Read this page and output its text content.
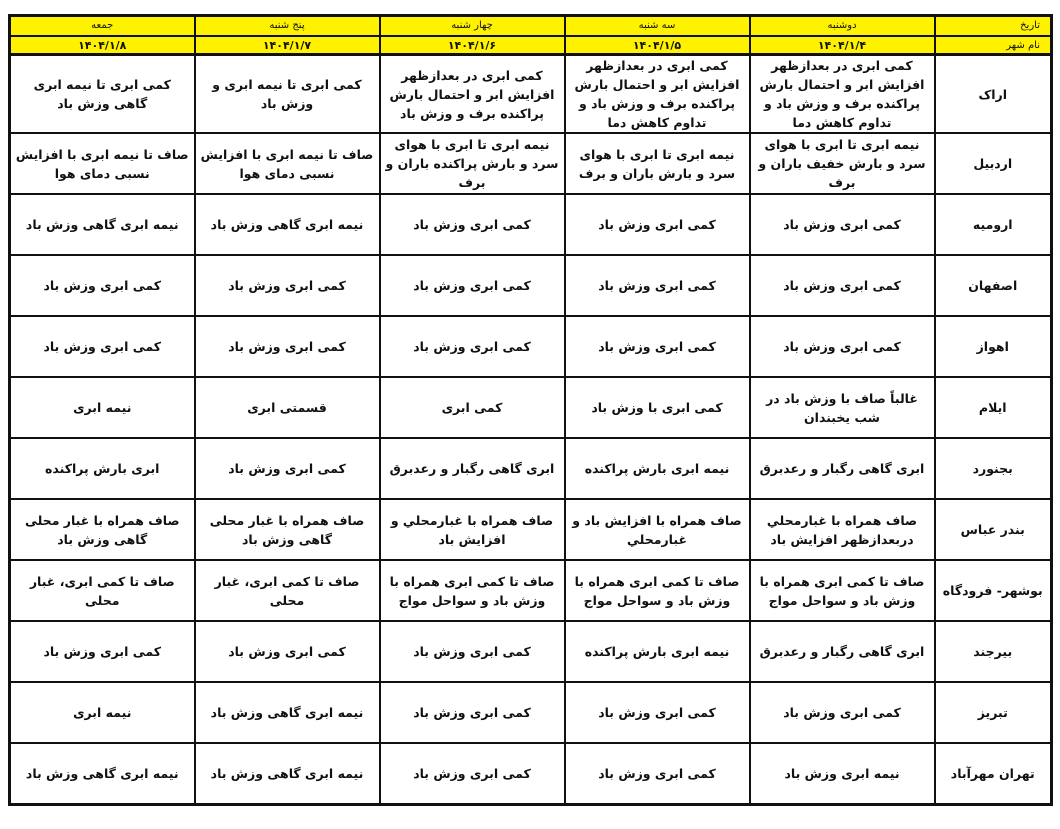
تاریخ	دوشنبه	سه شنبه	چهار شنبه	پنج شنبه	جمعه
نام شهر	۱۴۰۴/۱/۴	۱۴۰۴/۱/۵	۱۴۰۴/۱/۶	۱۴۰۴/۱/۷	۱۴۰۴/۱/۸
اراک	کمی ابری در بعدازظهر افزایش ابر و احتمال بارش پراکنده برف و وزش باد و تداوم کاهش دما	کمی ابری در بعدازظهر افزایش ابر و احتمال بارش پراکنده برف و وزش باد و تداوم کاهش دما	کمی ابری در بعدازظهر افزایش ابر و احتمال بارش پراکنده برف و وزش باد	کمی ابری تا نیمه ابری و وزش باد	کمی ابری تا نیمه ابری گاهی وزش باد
اردبیل	نیمه ابری تا ابری با هوای سرد و بارش خفیف باران و برف	نیمه ابری تا ابری با هوای سرد و بارش باران و برف	نیمه ابری تا ابری با هوای سرد و بارش پراکنده باران و برف	صاف تا نیمه ابری با افزایش نسبی دمای هوا	صاف تا نیمه ابری با افزایش نسبی دمای هوا
ارومیه	کمی ابری وزش باد	کمی ابری وزش باد	کمی ابری وزش باد	نیمه ابری گاهی وزش باد	نیمه ابری گاهی وزش باد
اصفهان	کمی ابری وزش باد	کمی ابری وزش باد	کمی ابری وزش باد	کمی ابری وزش باد	کمی ابری وزش باد
اهواز	کمی ابری وزش باد	کمی ابری وزش باد	کمی ابری وزش باد	کمی ابری وزش باد	کمی ابری وزش باد
ایلام	غالباً صاف با وزش باد در شب یخبندان	کمی ابری با وزش باد	کمی ابری	قسمتی ابری	نیمه ابری
بجنورد	ابری گاهی رگبار و رعدبرق	نیمه ابری بارش پراکنده	ابری گاهی رگبار و رعدبرق	کمی ابری وزش باد	ابری بارش پراکنده
بندر عباس	صاف همراه با غبارمحلي دربعدازظهر افزایش باد	صاف همراه با افزایش باد و غبارمحلي	صاف همراه با غبارمحلي و افزایش باد	صاف همراه با غبار محلی گاهی وزش باد	صاف همراه با غبار محلی گاهی وزش باد
بوشهر- فرودگاه	صاف تا کمی ابری همراه با وزش باد و سواحل مواج	صاف تا کمی ابری همراه با وزش باد و سواحل مواج	صاف تا کمی ابری همراه با وزش باد و سواحل مواج	صاف تا کمی ابری، غبار محلی	صاف تا کمی ابری، غبار محلی
بیرجند	ابری گاهی رگبار و رعدبرق	نیمه ابری بارش پراکنده	کمی ابری وزش باد	کمی ابری وزش باد	کمی ابری وزش باد
تبریز	کمی ابری وزش باد	کمی ابری وزش باد	کمی ابری وزش باد	نیمه ابری گاهی وزش باد	نیمه ابری
تهران مهرآباد	نیمه ابری وزش باد	کمی ابری وزش باد	کمی ابری وزش باد	نیمه ابری گاهی وزش باد	نیمه ابری گاهی وزش باد
